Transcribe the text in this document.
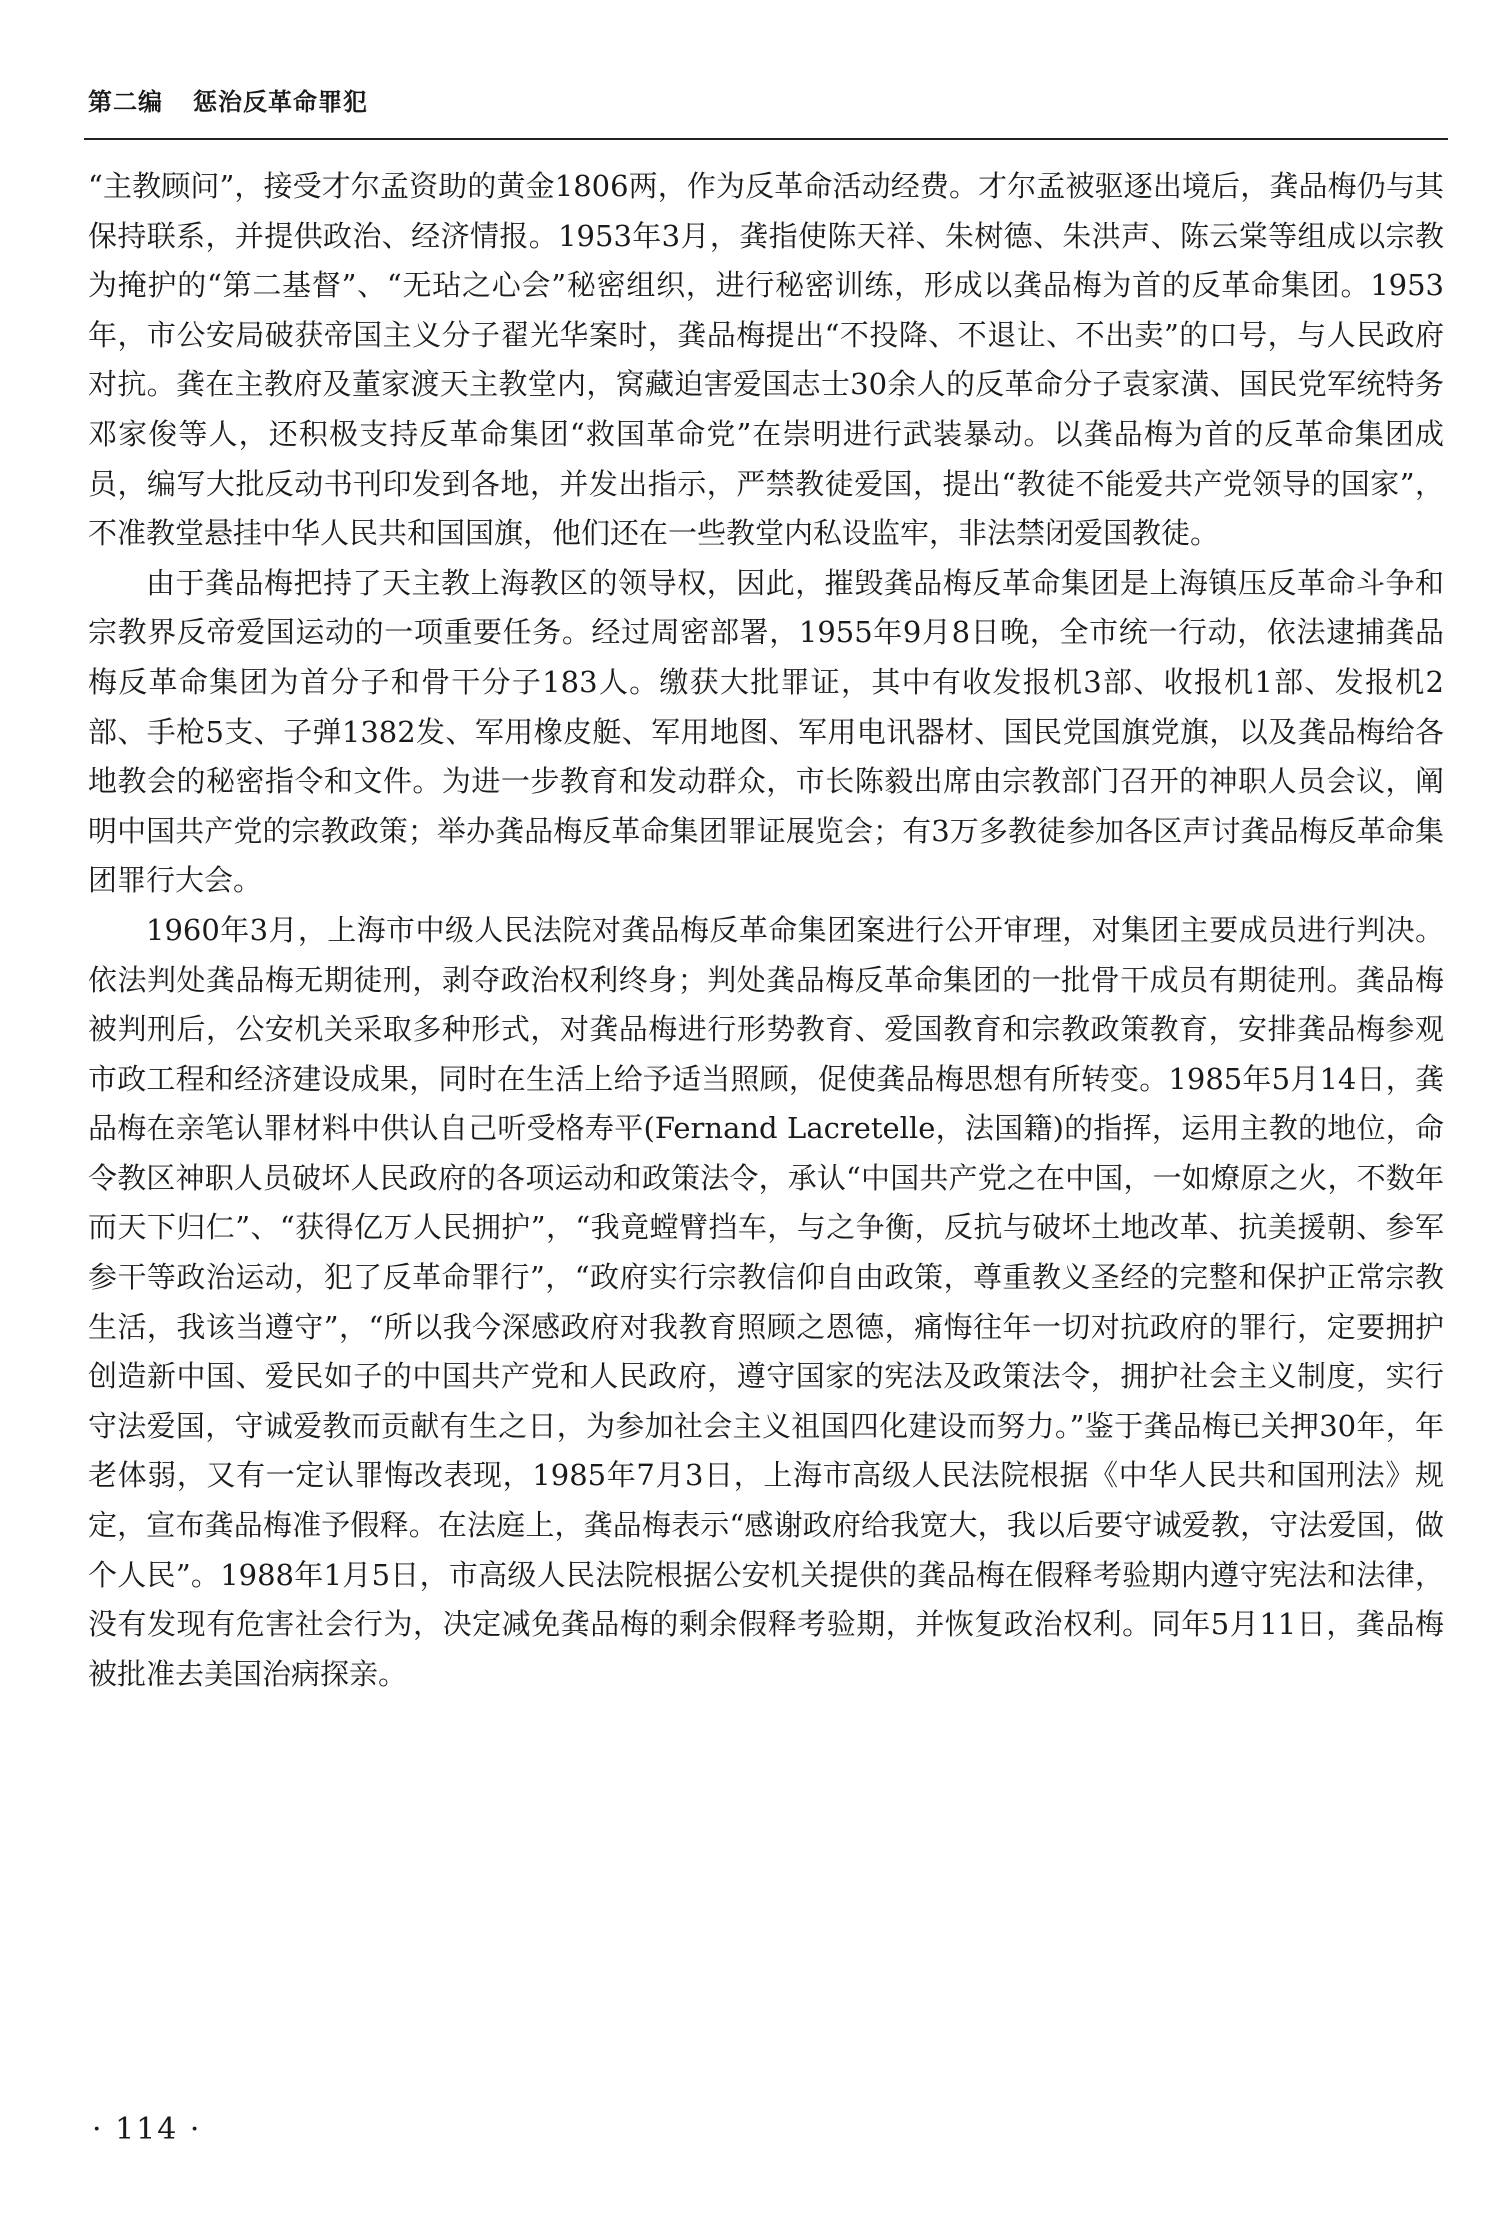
第二编 惩治反革命罪犯

“主教顾问”，接受才尔孟资助的黄金1806两，作为反革命活动经费。才尔孟被驱逐出境后，龚品梅仍与其保持联系，并提供政治、经济情报。1953年3月，龚指使陈天祥、朱树德、朱洪声、陈云棠等组成以宗教为掩护的“第二基督”、“无玷之心会”秘密组织，进行秘密训练，形成以龚品梅为首的反革命集团。1953年，市公安局破获帝国主义分子翟光华案时，龚品梅提出“不投降、不退让、不出卖”的口号，与人民政府对抗。龚在主教府及董家渡天主教堂内，窝藏迫害爱国志士30余人的反革命分子袁家潢、国民党军统特务邓家俊等人，还积极支持反革命集团“救国革命党”在崇明进行武装暴动。以龚品梅为首的反革命集团成员，编写大批反动书刊印发到各地，并发出指示，严禁教徒爱国，提出“教徒不能爱共产党领导的国家”，不准教堂悬挂中华人民共和国国旗，他们还在一些教堂内私设监牢，非法禁闭爱国教徒。

由于龚品梅把持了天主教上海教区的领导权，因此，摧毁龚品梅反革命集团是上海镇压反革命斗争和宗教界反帝爱国运动的一项重要任务。经过周密部署，1955年9月8日晚，全市统一行动，依法逮捕龚品梅反革命集团为首分子和骨干分子183人。缴获大批罪证，其中有收发报机3部、收报机1部、发报机2部、手枪5支、子弹1382发、军用橡皮艇、军用地图、军用电讯器材、国民党国旗党旗，以及龚品梅给各地教会的秘密指令和文件。为进一步教育和发动群众，市长陈毅出席由宗教部门召开的神职人员会议，阐明中国共产党的宗教政策；举办龚品梅反革命集团罪证展览会；有3万多教徒参加各区声讨龚品梅反革命集团罪行大会。

1960年3月，上海市中级人民法院对龚品梅反革命集团案进行公开审理，对集团主要成员进行判决。依法判处龚品梅无期徒刑，剥夺政治权利终身；判处龚品梅反革命集团的一批骨干成员有期徒刑。龚品梅被判刑后，公安机关采取多种形式，对龚品梅进行形势教育、爱国教育和宗教政策教育，安排龚品梅参观市政工程和经济建设成果，同时在生活上给予适当照顾，促使龚品梅思想有所转变。1985年5月14日，龚品梅在亲笔认罪材料中供认自己听受格寿平(Fernand Lacretelle，法国籍)的指挥，运用主教的地位，命令教区神职人员破坏人民政府的各项运动和政策法令，承认“中国共产党之在中国，一如燎原之火，不数年而天下归仁”、“获得亿万人民拥护”，“我竟螳臂挡车，与之争衡，反抗与破坏土地改革、抗美援朝、参军参干等政治运动，犯了反革命罪行”，“政府实行宗教信仰自由政策，尊重教义圣经的完整和保护正常宗教生活，我该当遵守”，“所以我今深感政府对我教育照顾之恩德，痛悔往年一切对抗政府的罪行，定要拥护创造新中国、爱民如子的中国共产党和人民政府，遵守国家的宪法及政策法令，拥护社会主义制度，实行守法爱国，守诚爱教而贡献有生之日，为参加社会主义祖国四化建设而努力。”鉴于龚品梅已关押30年，年老体弱，又有一定认罪悔改表现，1985年7月3日，上海市高级人民法院根据《中华人民共和国刑法》规定，宣布龚品梅准予假释。在法庭上，龚品梅表示“感谢政府给我宽大，我以后要守诚爱教，守法爱国，做个人民”。1988年1月5日，市高级人民法院根据公安机关提供的龚品梅在假释考验期内遵守宪法和法律，没有发现有危害社会行为，决定减免龚品梅的剩余假释考验期，并恢复政治权利。同年5月11日，龚品梅被批准去美国治病探亲。

· 114 ·
